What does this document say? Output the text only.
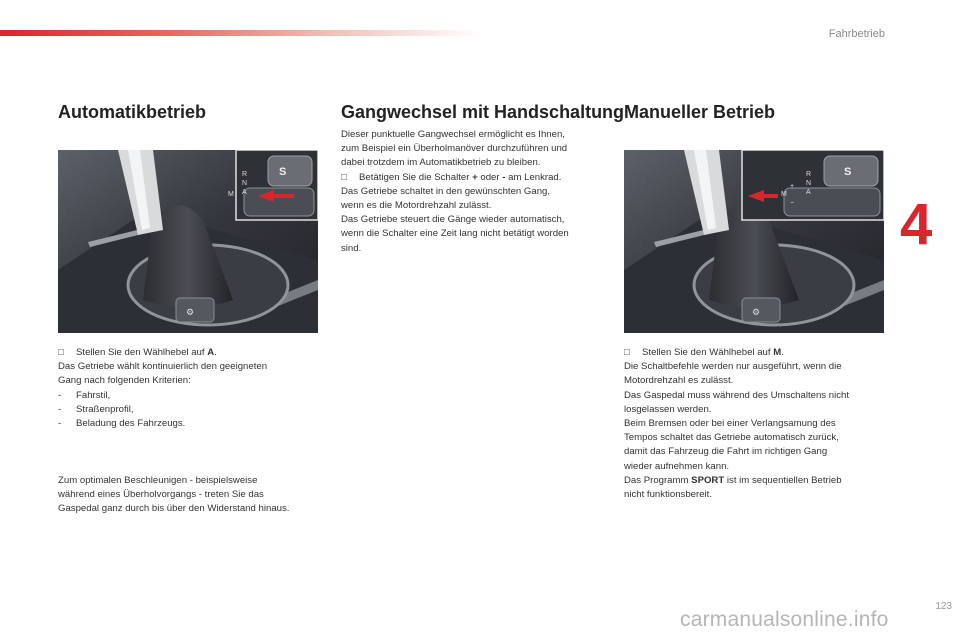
Fahrbetrieb
4
Automatikbetrieb
R
N
A
M
S
⚙

□ Stellen Sie den Wählhebel auf A.

Das Getriebe wählt kontinuierlich den geeigneten

Gang nach folgenden Kriterien:

- Fahrstil,

- Straßenprofil,

- Beladung des Fahrzeugs.

Zum optimalen Beschleunigen - beispielsweise

während eines Überholvorgangs - treten Sie das

Gaspedal ganz durch bis über den Widerstand hinaus.

Gangwechsel mit Handschaltung

Dieser punktuelle Gangwechsel ermöglicht es Ihnen,

zum Beispiel ein Überholmanöver durchzuführen und

dabei trotzdem im Automatikbetrieb zu bleiben.

□ Betätigen Sie die Schalter + oder - am Lenkrad.

Das Getriebe schaltet in den gewünschten Gang,

wenn es die Motordrehzahl zulässt.

Das Getriebe steuert die Gänge wieder automatisch,

wenn die Schalter eine Zeit lang nicht betätigt worden

sind.

Manueller Betrieb
R
N
A
M
+
−
S
⚙

□ Stellen Sie den Wählhebel auf M.

Die Schaltbefehle werden nur ausgeführt, wenn die

Motordrehzahl es zulässt.

Das Gaspedal muss während des Umschaltens nicht

losgelassen werden.

Beim Bremsen oder bei einer Verlangsamung des

Tempos schaltet das Getriebe automatisch zurück,

damit das Fahrzeug die Fahrt im richtigen Gang

wieder aufnehmen kann.

Das Programm SPORT ist im sequentiellen Betrieb

nicht funktionsbereit.

123
carmanualsonline.info
